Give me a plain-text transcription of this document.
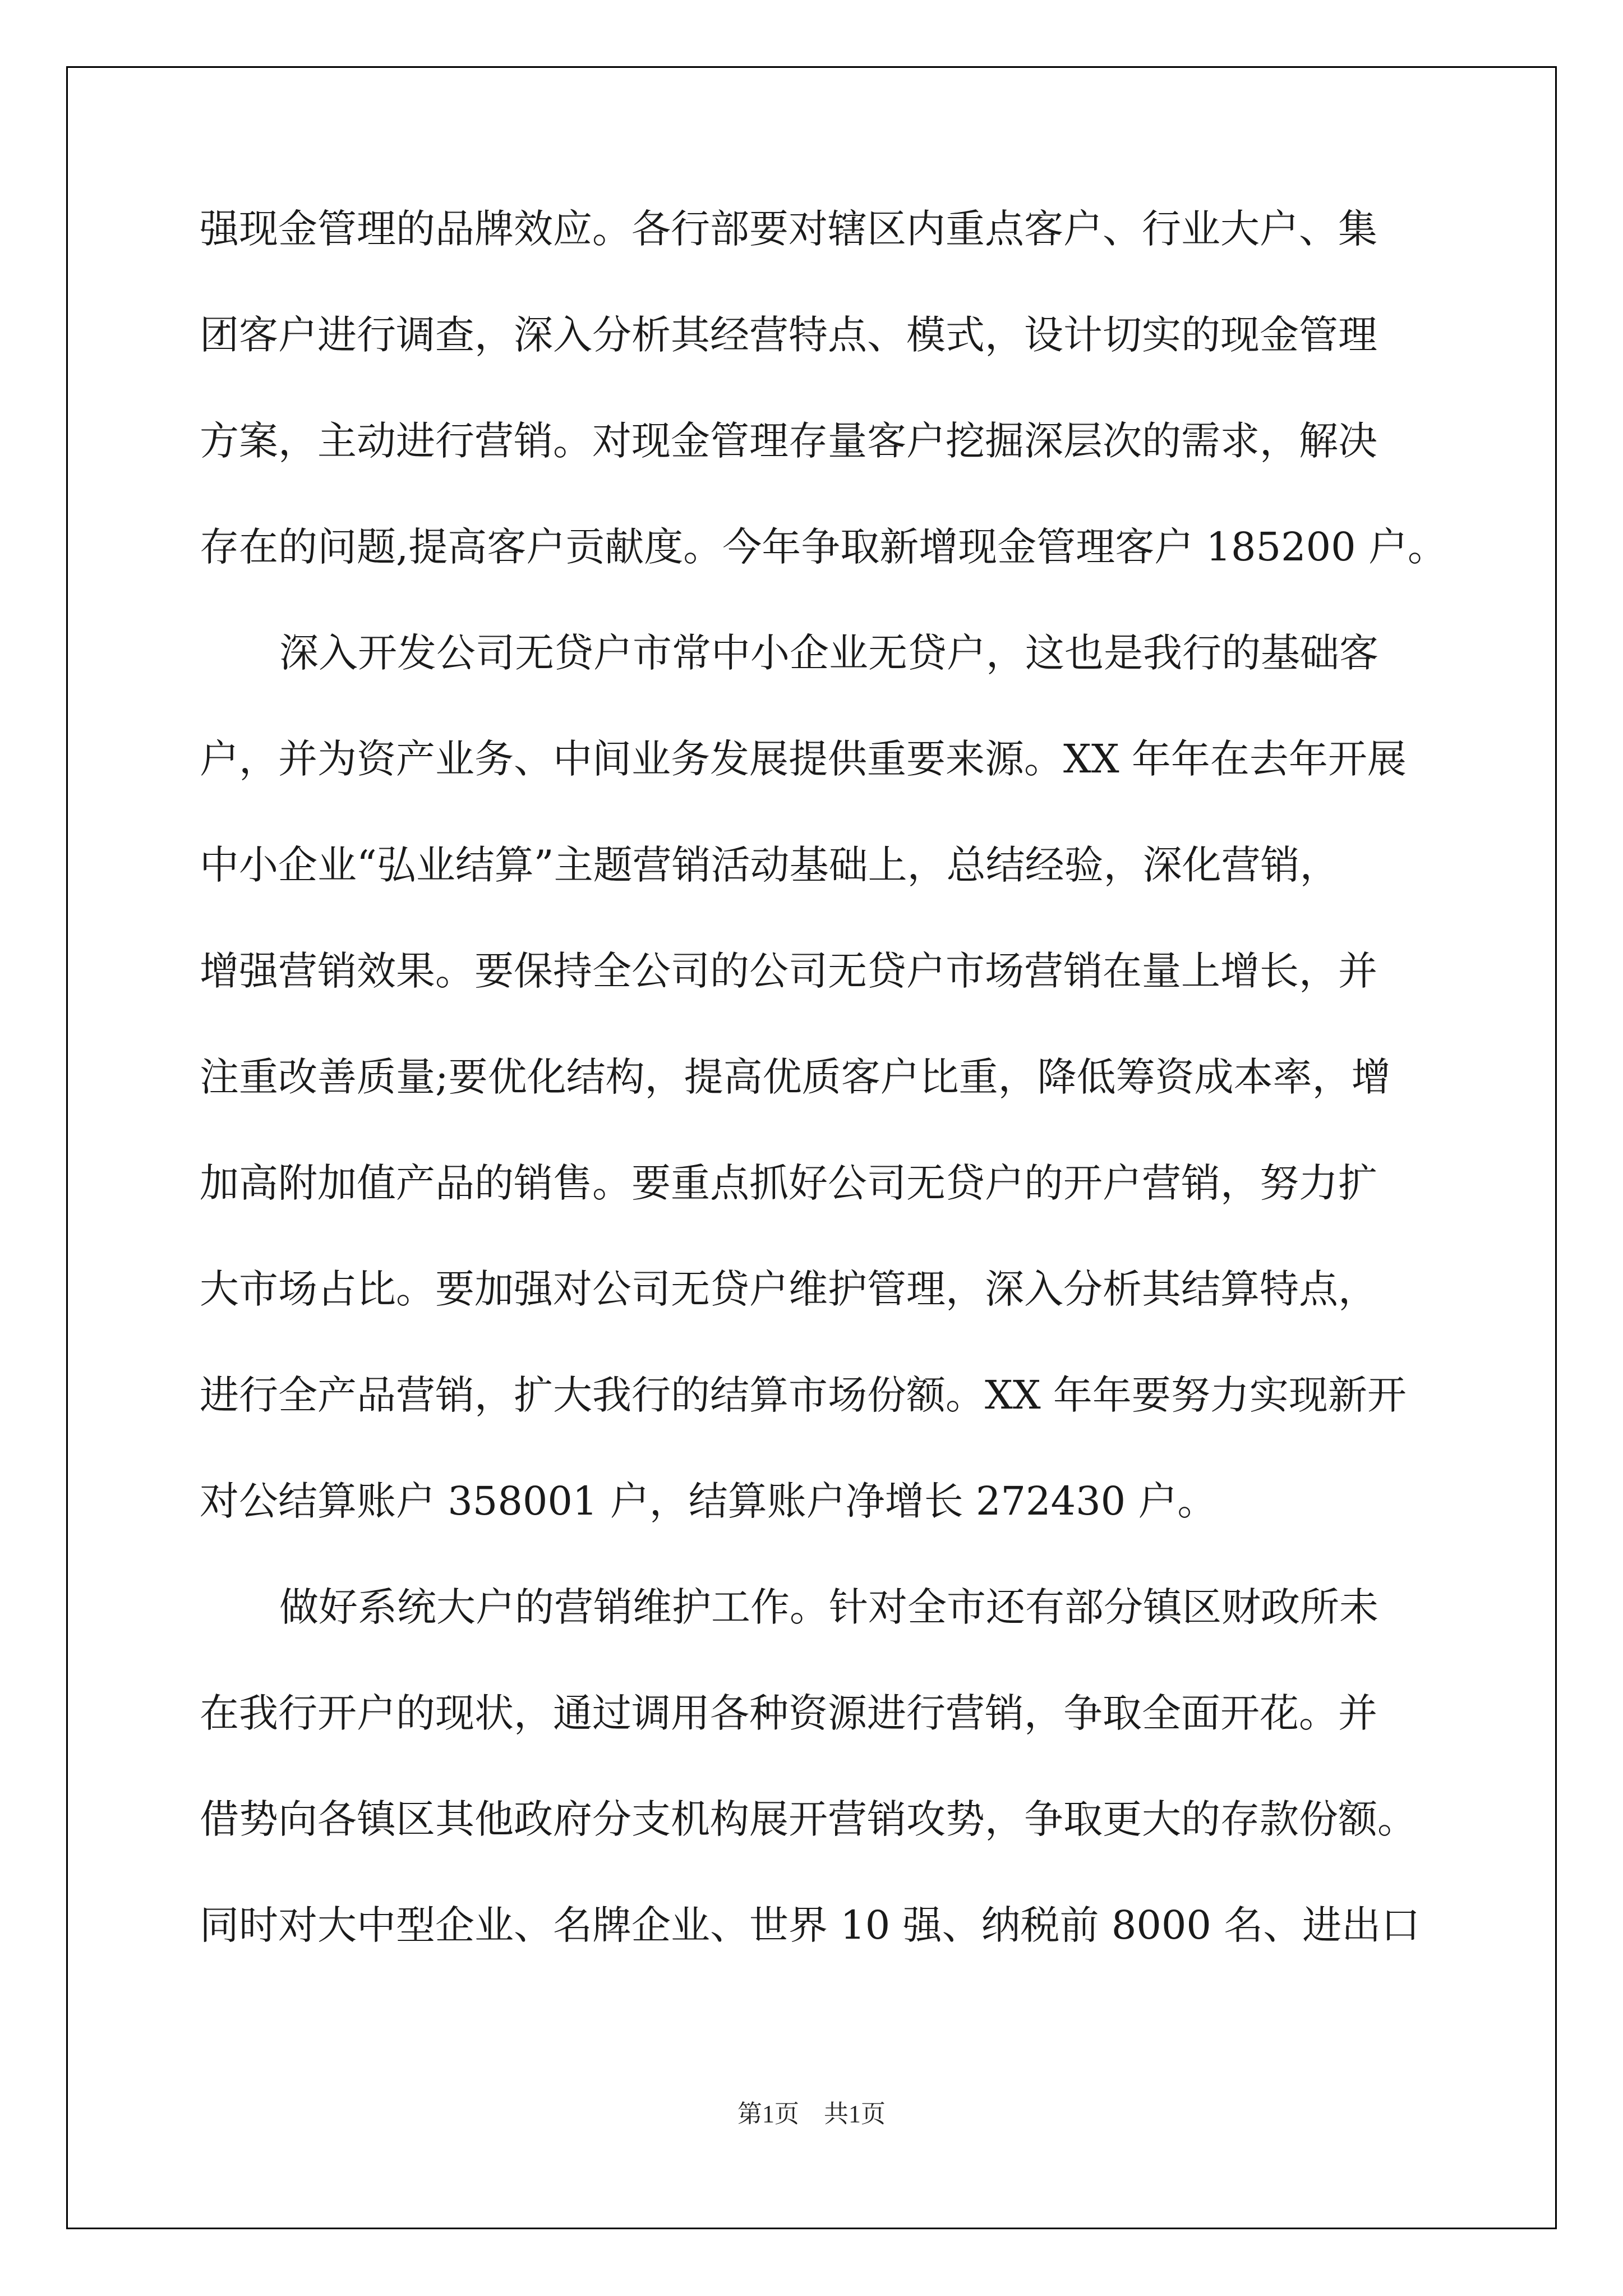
强现金管理的品牌效应。各行部要对辖区内重点客户、行业大户、集
团客户进行调查，深入分析其经营特点、模式，设计切实的现金管理
方案，主动进行营销。对现金管理存量客户挖掘深层次的需求，解决
存在的问题,提高客户贡献度。今年争取新增现金管理客户 185200 户。
深入开发公司无贷户市常中小企业无贷户，这也是我行的基础客
户，并为资产业务、中间业务发展提供重要来源。XX 年年在去年开展
中小企业“弘业结算”主题营销活动基础上，总结经验，深化营销，
增强营销效果。要保持全公司的公司无贷户市场营销在量上增长，并
注重改善质量;要优化结构，提高优质客户比重，降低筹资成本率，增
加高附加值产品的销售。要重点抓好公司无贷户的开户营销，努力扩
大市场占比。要加强对公司无贷户维护管理，深入分析其结算特点，
进行全产品营销，扩大我行的结算市场份额。XX 年年要努力实现新开
对公结算账户 358001 户，结算账户净增长 272430 户。
做好系统大户的营销维护工作。针对全市还有部分镇区财政所未
在我行开户的现状，通过调用各种资源进行营销，争取全面开花。并
借势向各镇区其他政府分支机构展开营销攻势，争取更大的存款份额。
同时对大中型企业、名牌企业、世界 10 强、纳税前 8000 名、进出口
第1页 共1页
